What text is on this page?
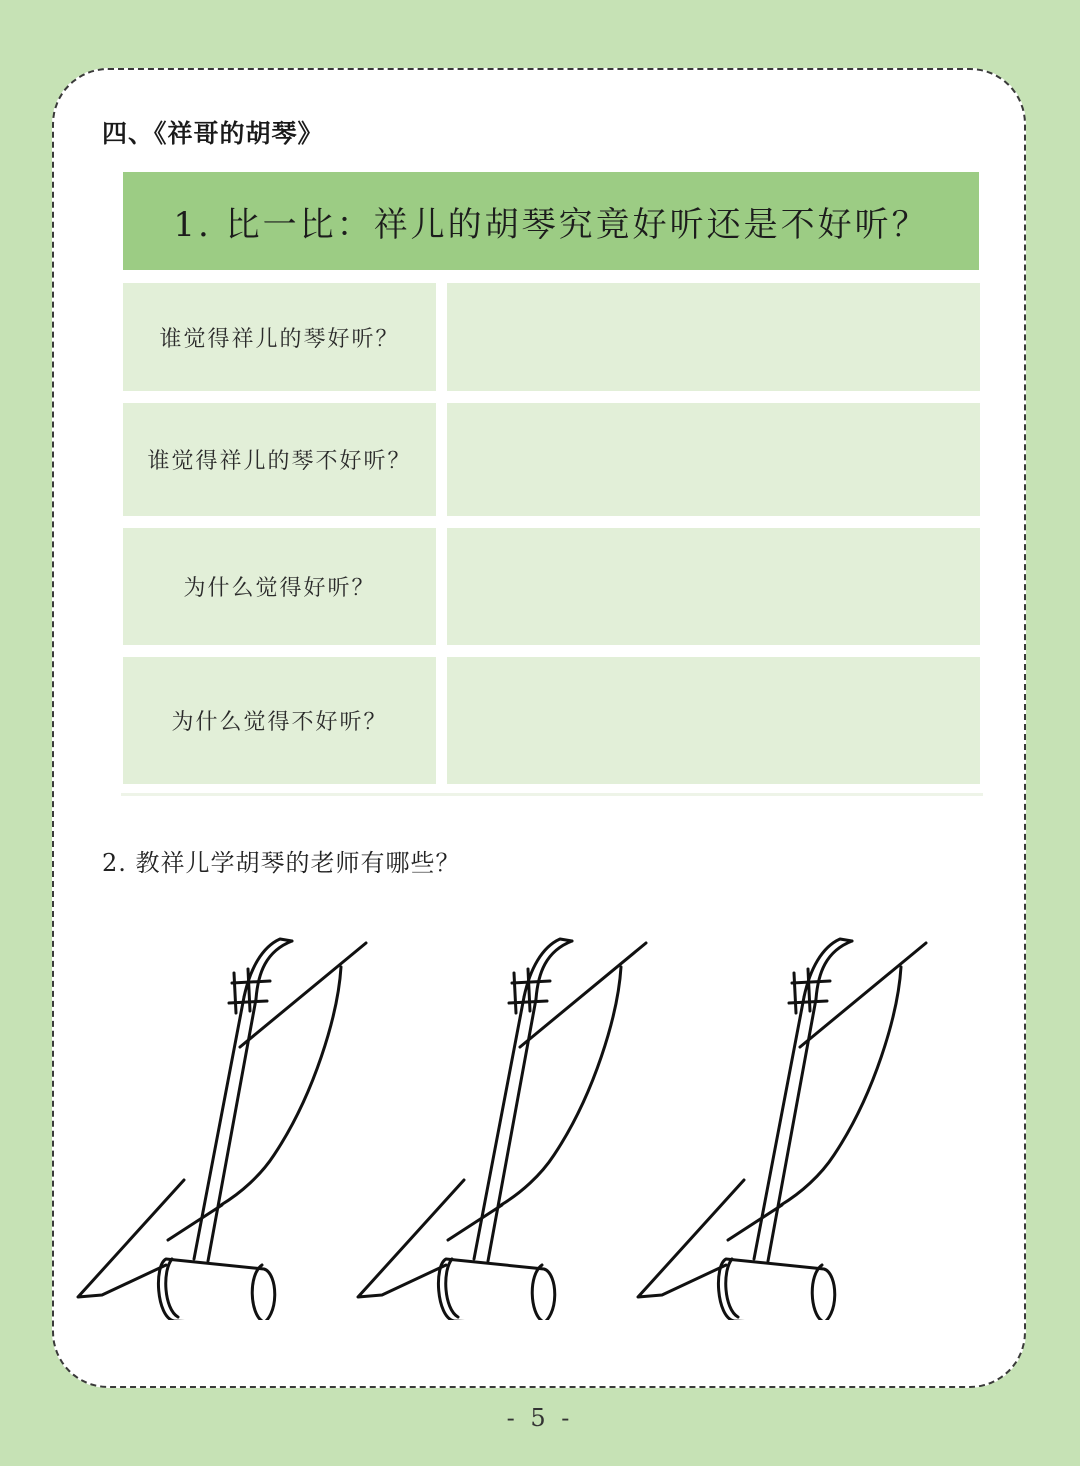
四、《祥哥的胡琴》
1. 比一比：祥儿的胡琴究竟好听还是不好听？
谁觉得祥儿的琴好听？
谁觉得祥儿的琴不好听？
为什么觉得好听？
为什么觉得不好听？
2. 教祥儿学胡琴的老师有哪些？
- 5 -
